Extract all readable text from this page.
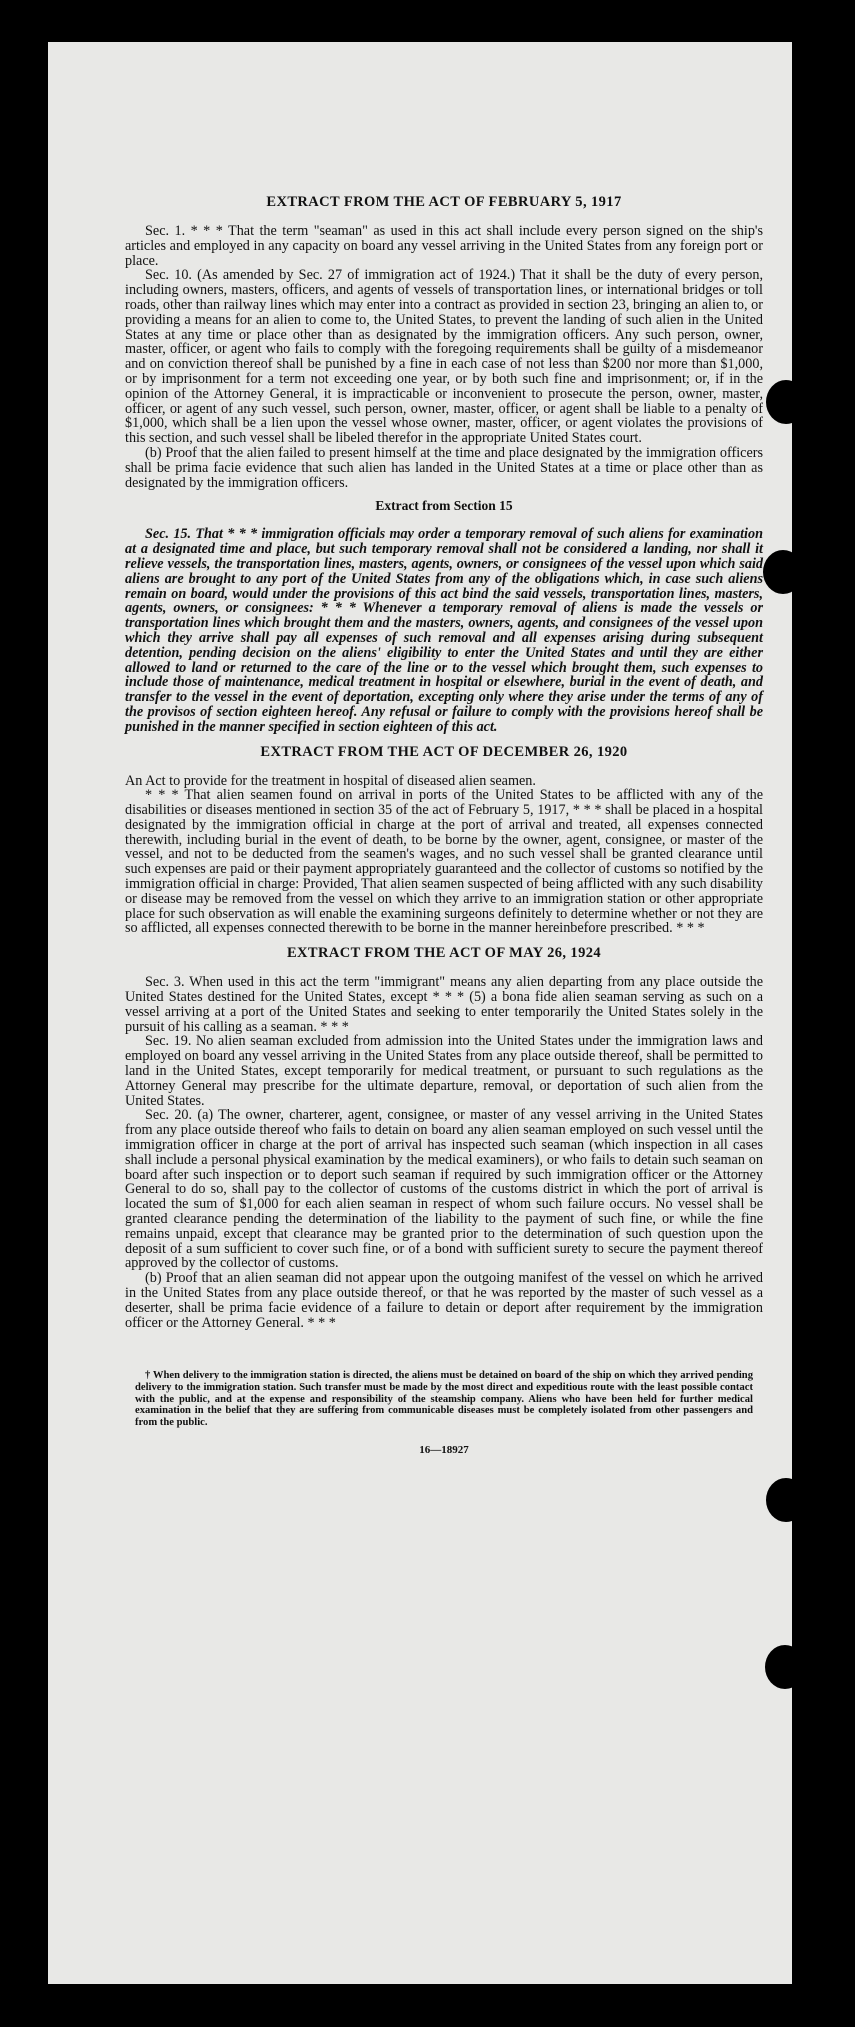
EXTRACT FROM THE ACT OF FEBRUARY 5, 1917

Sec. 1. * * * That the term "seaman" as used in this act shall include every person signed on the ship's articles and employed in any capacity on board any vessel arriving in the United States from any foreign port or place.

Sec. 10. (As amended by Sec. 27 of immigration act of 1924.) That it shall be the duty of every person, including owners, masters, officers, and agents of vessels of transportation lines, or international bridges or toll roads, other than railway lines which may enter into a contract as provided in section 23, bringing an alien to, or providing a means for an alien to come to, the United States, to prevent the landing of such alien in the United States at any time or place other than as designated by the immigration officers. Any such person, owner, master, officer, or agent who fails to comply with the foregoing requirements shall be guilty of a misdemeanor and on conviction thereof shall be punished by a fine in each case of not less than $200 nor more than $1,000, or by imprisonment for a term not exceeding one year, or by both such fine and imprisonment; or, if in the opinion of the Attorney General, it is impracticable or inconvenient to prosecute the person, owner, master, officer, or agent of any such vessel, such person, owner, master, officer, or agent shall be liable to a penalty of $1,000, which shall be a lien upon the vessel whose owner, master, officer, or agent violates the provisions of this section, and such vessel shall be libeled therefor in the appropriate United States court.

(b) Proof that the alien failed to present himself at the time and place designated by the immigration officers shall be prima facie evidence that such alien has landed in the United States at a time or place other than as designated by the immigration officers.

Extract from Section 15

Sec. 15. That * * * immigration officials may order a temporary removal of such aliens for examination at a designated time and place, but such temporary removal shall not be considered a landing, nor shall it relieve vessels, the transportation lines, masters, agents, owners, or consignees of the vessel upon which said aliens are brought to any port of the United States from any of the obligations which, in case such aliens remain on board, would under the provisions of this act bind the said vessels, transportation lines, masters, agents, owners, or consignees: * * * Whenever a temporary removal of aliens is made the vessels or transportation lines which brought them and the masters, owners, agents, and consignees of the vessel upon which they arrive shall pay all expenses of such removal and all expenses arising during subsequent detention, pending decision on the aliens' eligibility to enter the United States and until they are either allowed to land or returned to the care of the line or to the vessel which brought them, such expenses to include those of maintenance, medical treatment in hospital or elsewhere, burial in the event of death, and transfer to the vessel in the event of deportation, excepting only where they arise under the terms of any of the provisos of section eighteen hereof. Any refusal or failure to comply with the provisions hereof shall be punished in the manner specified in section eighteen of this act.

EXTRACT FROM THE ACT OF DECEMBER 26, 1920

An Act to provide for the treatment in hospital of diseased alien seamen.

* * * That alien seamen found on arrival in ports of the United States to be afflicted with any of the disabilities or diseases mentioned in section 35 of the act of February 5, 1917, * * * shall be placed in a hospital designated by the immigration official in charge at the port of arrival and treated, all expenses connected therewith, including burial in the event of death, to be borne by the owner, agent, consignee, or master of the vessel, and not to be deducted from the seamen's wages, and no such vessel shall be granted clearance until such expenses are paid or their payment appropriately guaranteed and the collector of customs so notified by the immigration official in charge: Provided, That alien seamen suspected of being afflicted with any such disability or disease may be removed from the vessel on which they arrive to an immigration station or other appropriate place for such observation as will enable the examining surgeons definitely to determine whether or not they are so afflicted, all expenses connected therewith to be borne in the manner hereinbefore prescribed. * * *

EXTRACT FROM THE ACT OF MAY 26, 1924

Sec. 3. When used in this act the term "immigrant" means any alien departing from any place outside the United States destined for the United States, except * * * (5) a bona fide alien seaman serving as such on a vessel arriving at a port of the United States and seeking to enter temporarily the United States solely in the pursuit of his calling as a seaman. * * *

Sec. 19. No alien seaman excluded from admission into the United States under the immigration laws and employed on board any vessel arriving in the United States from any place outside thereof, shall be permitted to land in the United States, except temporarily for medical treatment, or pursuant to such regulations as the Attorney General may prescribe for the ultimate departure, removal, or deportation of such alien from the United States.

Sec. 20. (a) The owner, charterer, agent, consignee, or master of any vessel arriving in the United States from any place outside thereof who fails to detain on board any alien seaman employed on such vessel until the immigration officer in charge at the port of arrival has inspected such seaman (which inspection in all cases shall include a personal physical examination by the medical examiners), or who fails to detain such seaman on board after such inspection or to deport such seaman if required by such immigration officer or the Attorney General to do so, shall pay to the collector of customs of the customs district in which the port of arrival is located the sum of $1,000 for each alien seaman in respect of whom such failure occurs. No vessel shall be granted clearance pending the determination of the liability to the payment of such fine, or while the fine remains unpaid, except that clearance may be granted prior to the determination of such question upon the deposit of a sum sufficient to cover such fine, or of a bond with sufficient surety to secure the payment thereof approved by the collector of customs.

(b) Proof that an alien seaman did not appear upon the outgoing manifest of the vessel on which he arrived in the United States from any place outside thereof, or that he was reported by the master of such vessel as a deserter, shall be prima facie evidence of a failure to detain or deport after requirement by the immigration officer or the Attorney General. * * *

† When delivery to the immigration station is directed, the aliens must be detained on board of the ship on which they arrived pending delivery to the immigration station. Such transfer must be made by the most direct and expeditious route with the least possible contact with the public, and at the expense and responsibility of the steamship company. Aliens who have been held for further medical examination in the belief that they are suffering from communicable diseases must be completely isolated from other passengers and from the public.
16—18927
